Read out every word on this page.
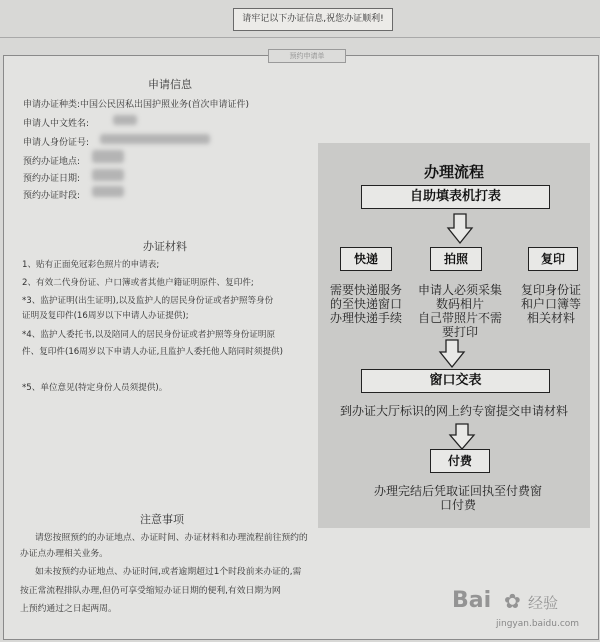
请牢记以下办证信息,祝您办证顺利!
预约申请单
申请信息
申请办证种类:中国公民因私出国护照业务(首次申请证件)
申请人中文姓名:
申请人身份证号:
预约办证地点:
预约办证日期:
预约办证时段:
办证材料
1、贴有正面免冠彩色照片的申请表;
2、有效二代身份证、户口簿或者其他户籍证明原件、复印件;
*3、监护证明(出生证明),以及监护人的居民身份证或者护照等身份
证明及复印件(16周岁以下申请人办证提供);
*4、监护人委托书,以及陪同人的居民身份证或者护照等身份证明原
件、复印件(16周岁以下申请人办证,且监护人委托他人陪同时须提供)
*5、单位意见(特定身份人员须提供)。
注意事项
请您按照预约的办证地点、办证时间、办证材料和办理流程前往预约的
办证点办理相关业务。
如未按预约办证地点、办证时间,或者逾期超过1个时段前来办证的,需
按正常流程排队办理,但仍可享受缩短办证日期的便利,有效日期为网
上预约通过之日起两周。
办理流程
自助填表机打表
快递	拍照	复印
需要快递服务
的至快递窗口
办理快递手续
申请人必须采集
数码相片
自己带照片不需
要打印
复印身份证
和户口簿等
相关材料
窗口交表
到办证大厅标识的网上约专窗提交申请材料
付费
办理完结后凭取证回执至付费窗
口付费
Bai ✿ 经验
jingyan.baidu.com
